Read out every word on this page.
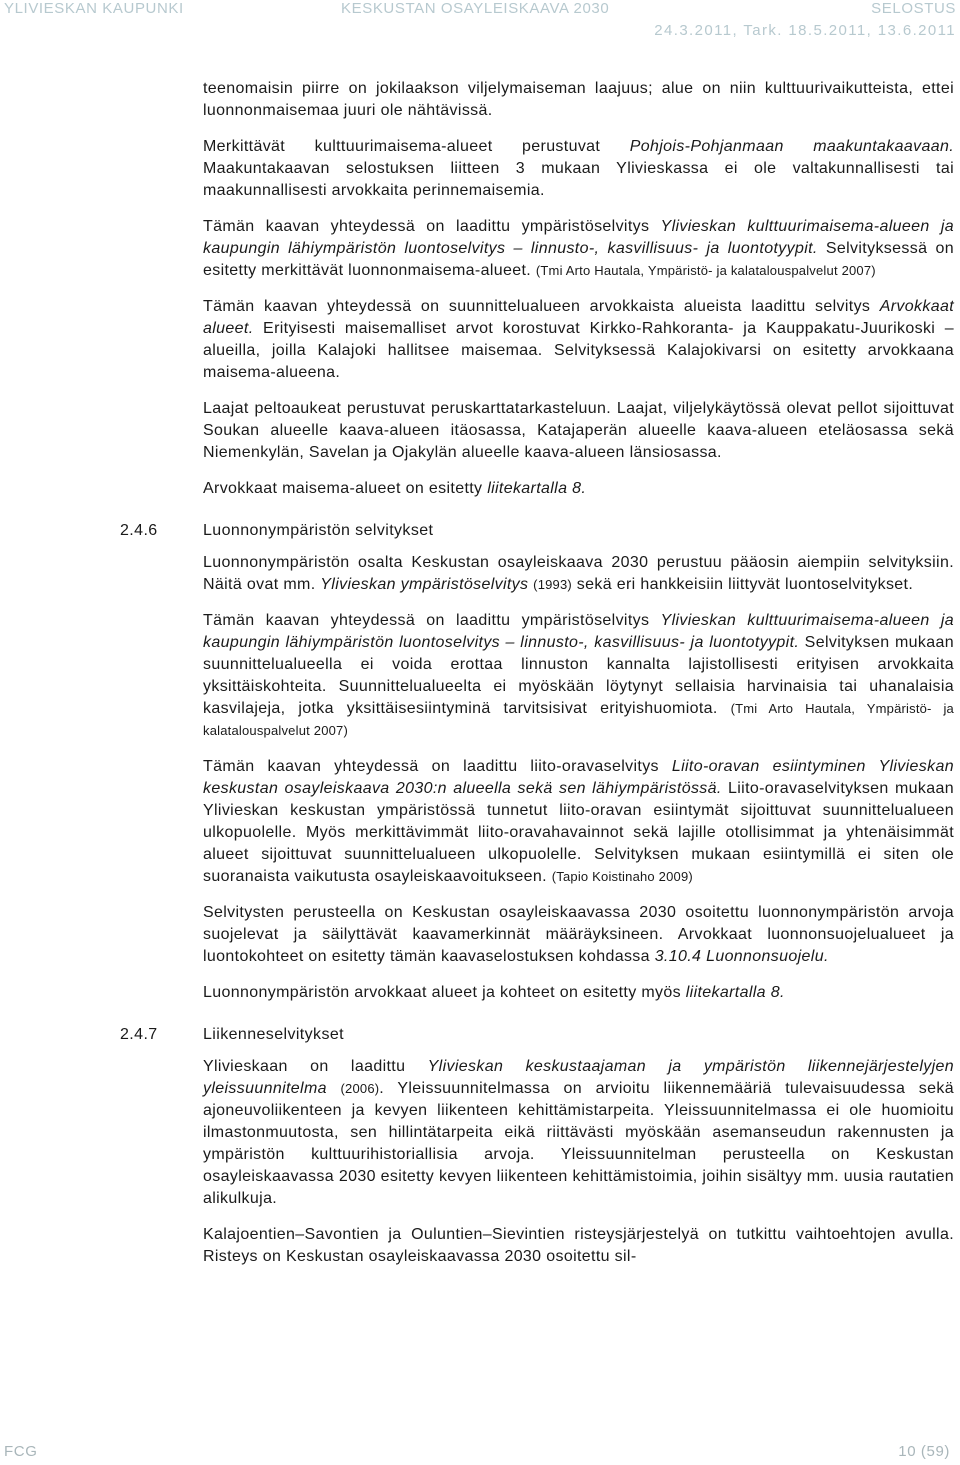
YLIVIESKAN KAUPUNKI	KESKUSTAN OSAYLEISKAAVA 2030	SELOSTUS
24.3.2011, Tark. 18.5.2011, 13.6.2011

teenomaisin piirre on jokilaakson viljelymaiseman laajuus; alue on niin kulttuurivaikutteista, ettei luonnonmaisemaa juuri ole nähtävissä.

Merkittävät kulttuurimaisema-alueet perustuvat Pohjois-Pohjanmaan maakuntakaavaan. Maakuntakaavan selostuksen liitteen 3 mukaan Ylivieskassa ei ole valtakunnallisesti tai maakunnallisesti arvokkaita perinnemaisemia.

Tämän kaavan yhteydessä on laadittu ympäristöselvitys Ylivieskan kulttuurimaisema-alueen ja kaupungin lähiympäristön luontoselvitys – linnusto-, kasvillisuus- ja luontotyypit. Selvityksessä on esitetty merkittävät luonnonmaisema-alueet. (Tmi Arto Hautala, Ympäristö- ja kalatalouspalvelut 2007)

Tämän kaavan yhteydessä on suunnittelualueen arvokkaista alueista laadittu selvitys Arvokkaat alueet. Erityisesti maisemalliset arvot korostuvat Kirkko-Rahkoranta- ja Kauppakatu-Juurikoski –alueilla, joilla Kalajoki hallitsee maisemaa. Selvityksessä Kalajokivarsi on esitetty arvokkaana maisema-alueena.

Laajat peltoaukeat perustuvat peruskarttatarkasteluun. Laajat, viljelykäytössä olevat pellot sijoittuvat Soukan alueelle kaava-alueen itäosassa, Katajaperän alueelle kaava-alueen eteläosassa sekä Niemenkylän, Savelan ja Ojakylän alueelle kaava-alueen länsiosassa.

Arvokkaat maisema-alueet on esitetty liitekartalla 8.

2.4.6	Luonnonympäristön selvitykset

Luonnonympäristön osalta Keskustan osayleiskaava 2030 perustuu pääosin aiempiin selvityksiin. Näitä ovat mm. Ylivieskan ympäristöselvitys (1993) sekä eri hankkeisiin liittyvät luontoselvitykset.

Tämän kaavan yhteydessä on laadittu ympäristöselvitys Ylivieskan kulttuurimaisema-alueen ja kaupungin lähiympäristön luontoselvitys – linnusto-, kasvillisuus- ja luontotyypit. Selvityksen mukaan suunnittelualueella ei voida erottaa linnuston kannalta lajistollisesti erityisen arvokkaita yksittäiskohteita. Suunnittelualueelta ei myöskään löytynyt sellaisia harvinaisia tai uhanalaisia kasvilajeja, jotka yksittäisesiintyminä tarvitsisivat erityishuomiota. (Tmi Arto Hautala, Ympäristö- ja kalatalouspalvelut 2007)

Tämän kaavan yhteydessä on laadittu liito-oravaselvitys Liito-oravan esiintyminen Ylivieskan keskustan osayleiskaava 2030:n alueella sekä sen lähiympäristössä. Liito-oravaselvityksen mukaan Ylivieskan keskustan ympäristössä tunnetut liito-oravan esiintymät sijoittuvat suunnittelualueen ulkopuolelle. Myös merkittävimmät liito-oravahavainnot sekä lajille otollisimmat ja yhtenäisimmät alueet sijoittuvat suunnittelualueen ulkopuolelle. Selvityksen mukaan esiintymillä ei siten ole suoranaista vaikutusta osayleiskaavoitukseen. (Tapio Koistinaho 2009)

Selvitysten perusteella on Keskustan osayleiskaavassa 2030 osoitettu luonnonympäristön arvoja suojelevat ja säilyttävät kaavamerkinnät määräyksineen. Arvokkaat luonnonsuojelualueet ja luontokohteet on esitetty tämän kaavaselostuksen kohdassa 3.10.4 Luonnonsuojelu.

Luonnonympäristön arvokkaat alueet ja kohteet on esitetty myös liitekartalla 8.

2.4.7	Liikenneselvitykset

Ylivieskaan on laadittu Ylivieskan keskustaajaman ja ympäristön liikennejärjestelyjen yleissuunnitelma (2006). Yleissuunnitelmassa on arvioitu liikennemääriä tulevaisuudessa sekä ajoneuvoliikenteen ja kevyen liikenteen kehittämistarpeita. Yleissuunnitelmassa ei ole huomioitu ilmastonmuutosta, sen hillintätarpeita eikä riittävästi myöskään asemanseudun rakennusten ja ympäristön kulttuurihistoriallisia arvoja. Yleissuunnitelman perusteella on Keskustan osayleiskaavassa 2030 esitetty kevyen liikenteen kehittämistoimia, joihin sisältyy mm. uusia rautatien alikulkuja.

Kalajoentien–Savontien ja Ouluntien–Sievintien risteysjärjestelyä on tutkittu vaihtoehtojen avulla. Risteys on Keskustan osayleiskaavassa 2030 osoitettu sil-

FCG	10 (59)
